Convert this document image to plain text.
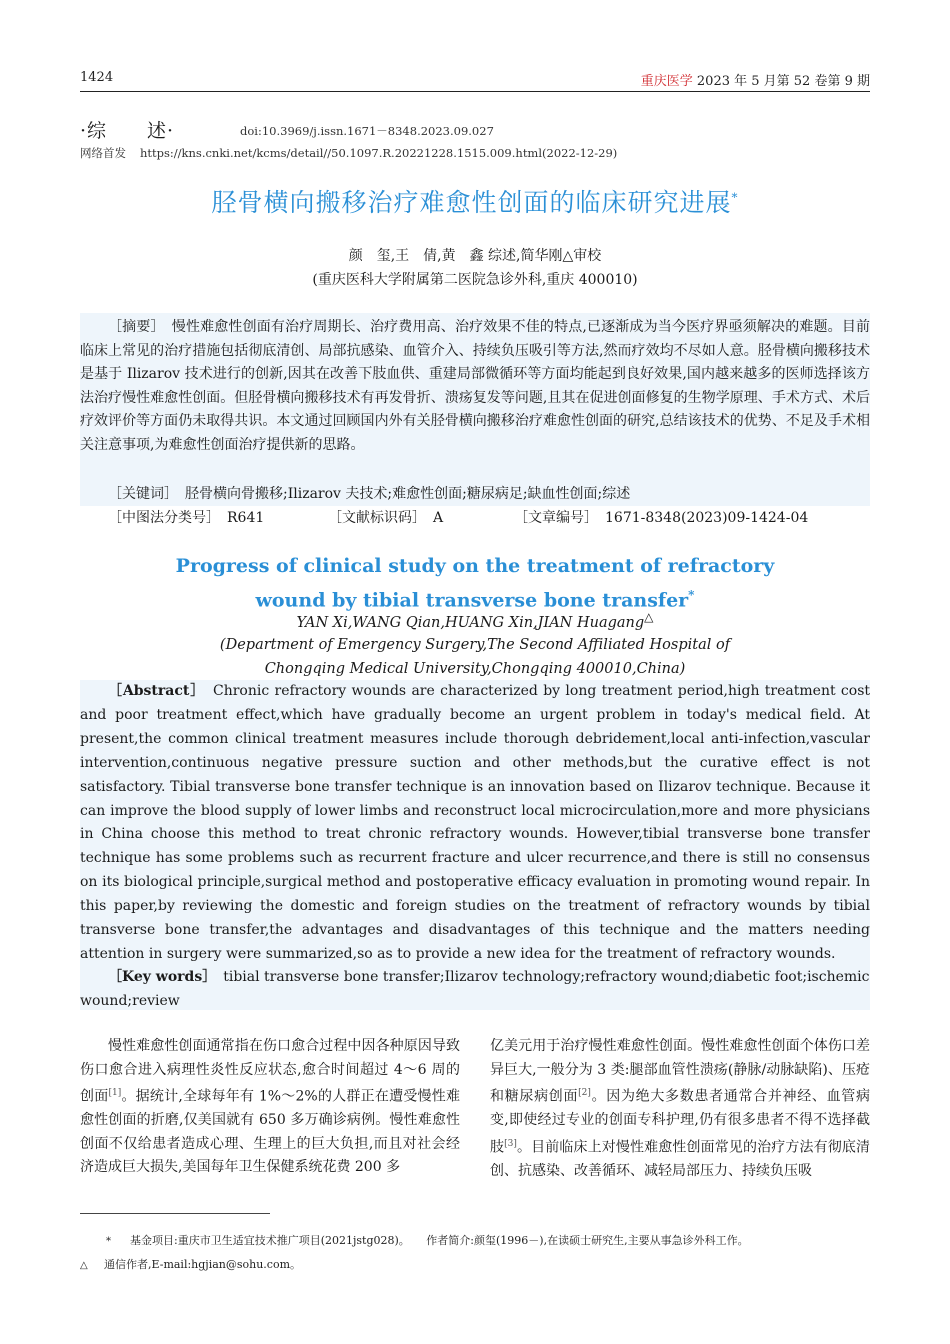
1424	重庆医学 2023 年 5 月第 52 卷第 9 期
·综　　述·	doi:10.3969/j.issn.1671－8348.2023.09.027
网络首发 https://kns.cnki.net/kcms/detail//50.1097.R.20221228.1515.009.html(2022-12-29)
胫骨横向搬移治疗难愈性创面的临床研究进展*
颜　玺,王　倩,黄　鑫 综述,简华刚△审校
(重庆医科大学附属第二医院急诊外科,重庆 400010)
［摘要］　慢性难愈性创面有治疗周期长、治疗费用高、治疗效果不佳的特点,已逐渐成为当今医疗界亟须解决的难题。目前临床上常见的治疗措施包括彻底清创、局部抗感染、血管介入、持续负压吸引等方法,然而疗效均不尽如人意。胫骨横向搬移技术是基于 Ilizarov 技术进行的创新,因其在改善下肢血供、重建局部微循环等方面均能起到良好效果,国内越来越多的医师选择该方法治疗慢性难愈性创面。但胫骨横向搬移技术有再发骨折、溃疡复发等问题,且其在促进创面修复的生物学原理、手术方式、术后疗效评价等方面仍未取得共识。本文通过回顾国内外有关胫骨横向搬移治疗难愈性创面的研究,总结该技术的优势、不足及手术相关注意事项,为难愈性创面治疗提供新的思路。
［关键词］　胫骨横向骨搬移;Ilizarov 夫技术;难愈性创面;糖尿病足;缺血性创面;综述
［中图法分类号］　R641	［文献标识码］　A	［文章编号］　1671-8348(2023)09-1424-04
Progress of clinical study on the treatment of refractory
wound by tibial transverse bone transfer*
YAN Xi,WANG Qian,HUANG Xin,JIAN Huagang△
(Department of Emergency Surgery,The Second Affiliated Hospital of
Chongqing Medical University,Chongqing 400010,China)
［Abstract］　 Chronic refractory wounds are characterized by long treatment period,high treatment cost and poor treatment effect,which have gradually become an urgent problem in today's medical field. At present,the common clinical treatment measures include thorough debridement,local anti-infection,vascular intervention,continuous negative pressure suction and other methods,but the curative effect is not satisfactory. Tibial transverse bone transfer technique is an innovation based on Ilizarov technique. Because it can improve the blood supply of lower limbs and reconstruct local microcirculation,more and more physicians in China choose this method to treat chronic refractory wounds. However,tibial transverse bone transfer technique has some problems such as recurrent fracture and ulcer recurrence,and there is still no consensus on its biological principle,surgical method and postoperative efficacy evaluation in promoting wound repair. In this paper,by reviewing the domestic and foreign studies on the treatment of refractory wounds by tibial transverse bone transfer,the advantages and disadvantages of this technique and the matters needing attention in surgery were summarized,so as to provide a new idea for the treatment of refractory wounds.
［Key words］　 tibial transverse bone transfer;Ilizarov technology;refractory wound;diabetic foot;ischemic wound;review
慢性难愈性创面通常指在伤口愈合过程中因各种原因导致伤口愈合进入病理性炎性反应状态,愈合时间超过 4～6 周的创面[1]。据统计,全球每年有 1%～2%的人群正在遭受慢性难愈性创面的折磨,仅美国就有 650 多万确诊病例。慢性难愈性创面不仅给患者造成心理、生理上的巨大负担,而且对社会经济造成巨大损失,美国每年卫生保健系统花费 200 多
亿美元用于治疗慢性难愈性创面。慢性难愈性创面个体伤口差异巨大,一般分为 3 类:腿部血管性溃疡(静脉/动脉缺陷)、压疮和糖尿病创面[2]。因为绝大多数患者通常合并神经、血管病变,即使经过专业的创面专科护理,仍有很多患者不得不选择截肢[3]。目前临床上对慢性难愈性创面常见的治疗方法有彻底清创、抗感染、改善循环、减轻局部压力、持续负压吸
* 基金项目:重庆市卫生适宜技术推广项目(2021jstg028)。　　作者简介:颜玺(1996－),在读硕士研究生,主要从事急诊外科工作。
△ 通信作者,E-mail:hgjian@sohu.com。
